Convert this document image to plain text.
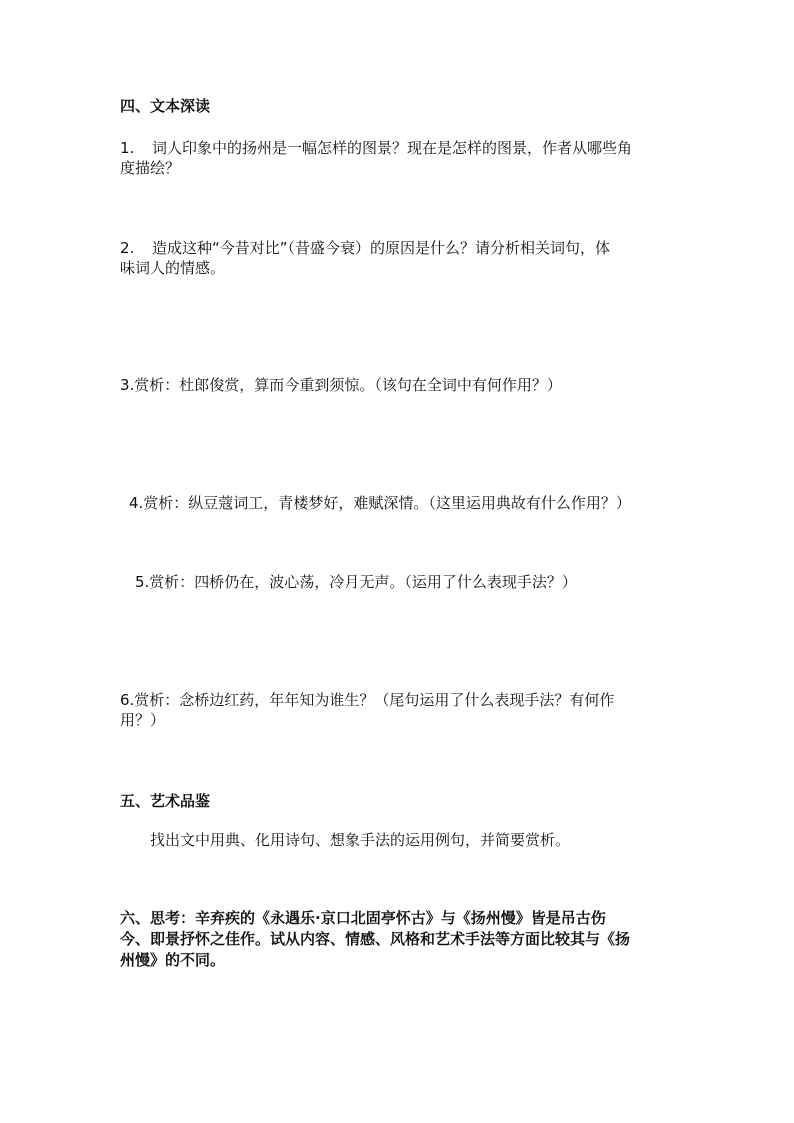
四、文本深读
1. 词人印象中的扬州是一幅怎样的图景？现在是怎样的图景，作者从哪些角
度描绘？
2. 造成这种“今昔对比”（昔盛今衰）的原因是什么？请分析相关词句，体
味词人的情感。
3.赏析：杜郎俊赏，算而今重到须惊。（该句在全词中有何作用？）
4.赏析：纵豆蔻词工，青楼梦好，难赋深情。（这里运用典故有什么作用？）
5.赏析：四桥仍在，波心荡，冷月无声。（运用了什么表现手法？）
6.赏析：念桥边红药，年年知为谁生？（尾句运用了什么表现手法？有何作
用？）
五、艺术品鉴
找出文中用典、化用诗句、想象手法的运用例句，并简要赏析。
六、思考：辛弃疾的《永遇乐·京口北固亭怀古》与《扬州慢》皆是吊古伤
今、即景抒怀之佳作。试从内容、情感、风格和艺术手法等方面比较其与《扬
州慢》的不同。
